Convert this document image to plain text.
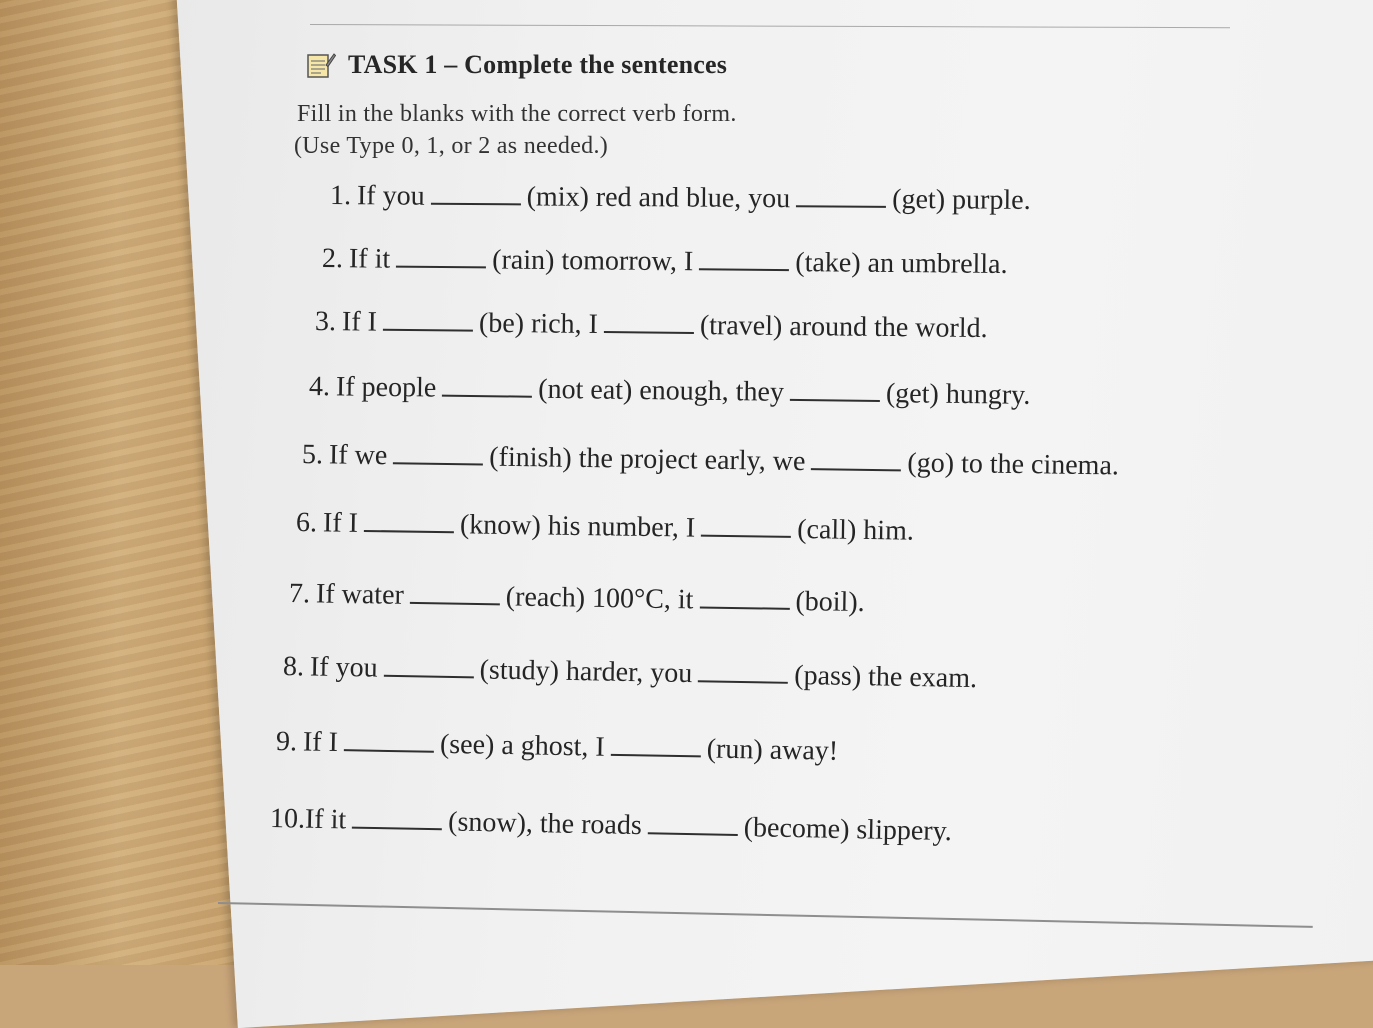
TASK 1 – Complete the sentences
Fill in the blanks with the correct verb form.
(Use Type 0, 1, or 2 as needed.)
1. If you	(mix) red and blue, you	(get) purple.
2. If it	(rain) tomorrow, I	(take) an umbrella.
3. If I	(be) rich, I	(travel) around the world.
4. If people	(not eat) enough, they	(get) hungry.
5. If we	(finish) the project early, we	(go) to the cinema.
6. If I	(know) his number, I	(call) him.
7. If water	(reach) 100°C, it	(boil).
8. If you	(study) harder, you	(pass) the exam.
9. If I	(see) a ghost, I	(run) away!
10.If it	(snow), the roads	(become) slippery.
